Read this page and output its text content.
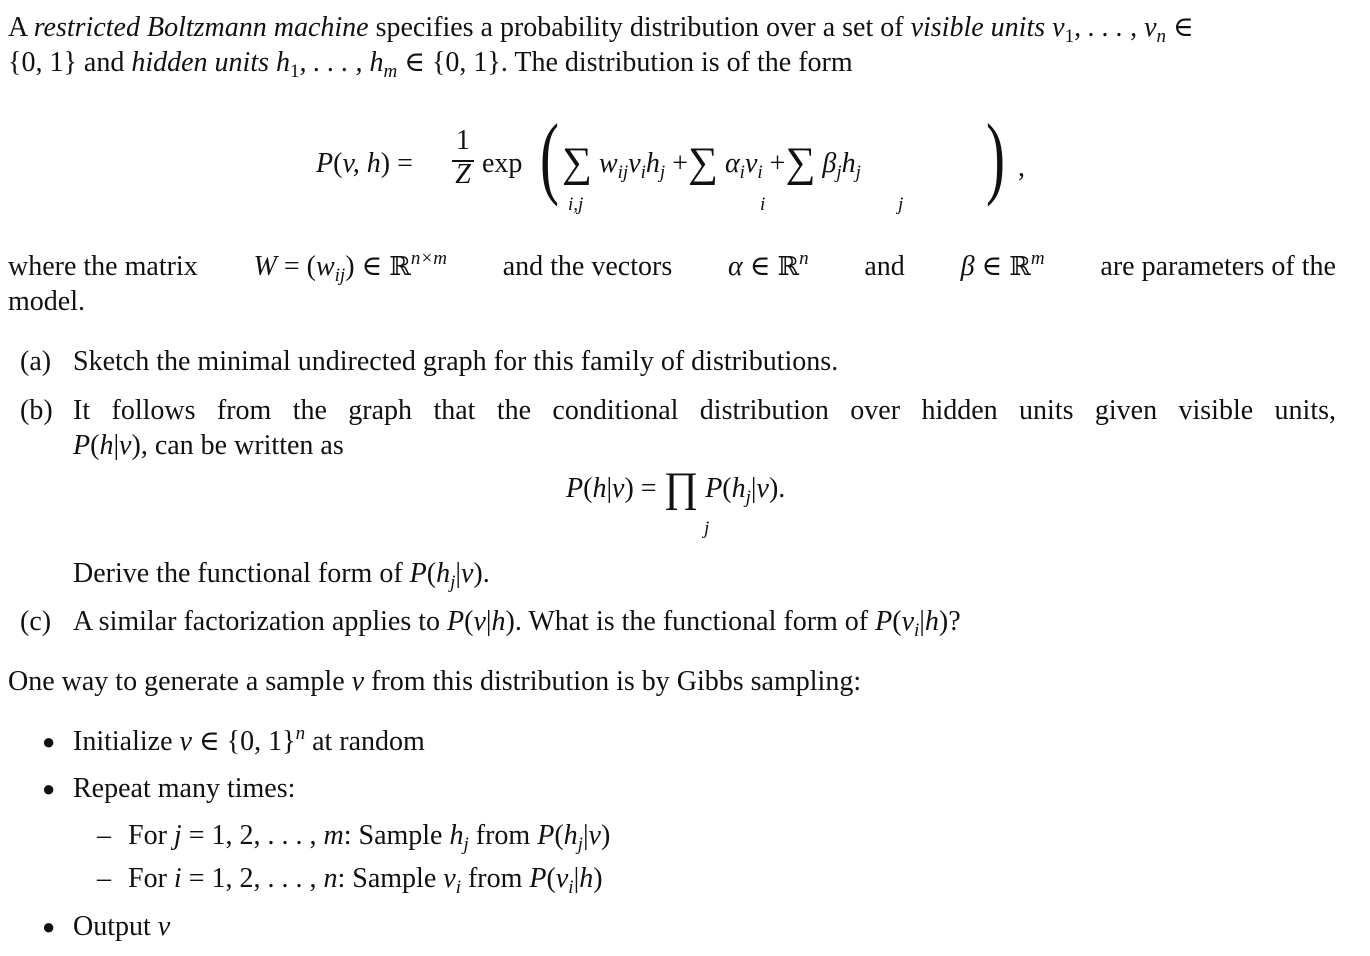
A restricted Boltzmann machine specifies a probability distribution over a set of visible units $v_1$, . . . , $v_n$ ∈
{0, 1} and hidden units $h_1$, . . . , $h_m$ ∈ {0, 1}. The distribution is of the form
P(v, h) =
1
Z exp ( ∑ $w_{ij}v_ih_j$ +∑ $\alpha_iv_i$ +∑ $\beta_jh_j$
i,j	i	j ) ,
where the matrix $W = (w_{ij})$ ∈ ℝ$^{n\times m}$ and the vectors α ∈ ℝ$^n$ and β ∈ ℝ$^m$ are parameters of the
model.
(a) Sketch the minimal undirected graph for this family of distributions.
(b) It follows from the graph that the conditional distribution over hidden units given visible units,
P(h|v), can be written as
P(h|v) = ∏ $P(h_j|v)$.
j
Derive the functional form of $P(h_j|v)$.
(c) A similar factorization applies to P(v|h). What is the functional form of $P(v_i|h)$?
One way to generate a sample v from this distribution is by Gibbs sampling:
● Initialize v ∈ {0, 1}$^n$ at random
● Repeat many times:
– For j = 1, 2, . . . , m: Sample $h_j$ from $P(h_j|v)$
– For i = 1, 2, . . . , n: Sample $v_i$ from $P(v_i|h)$
● Output v
